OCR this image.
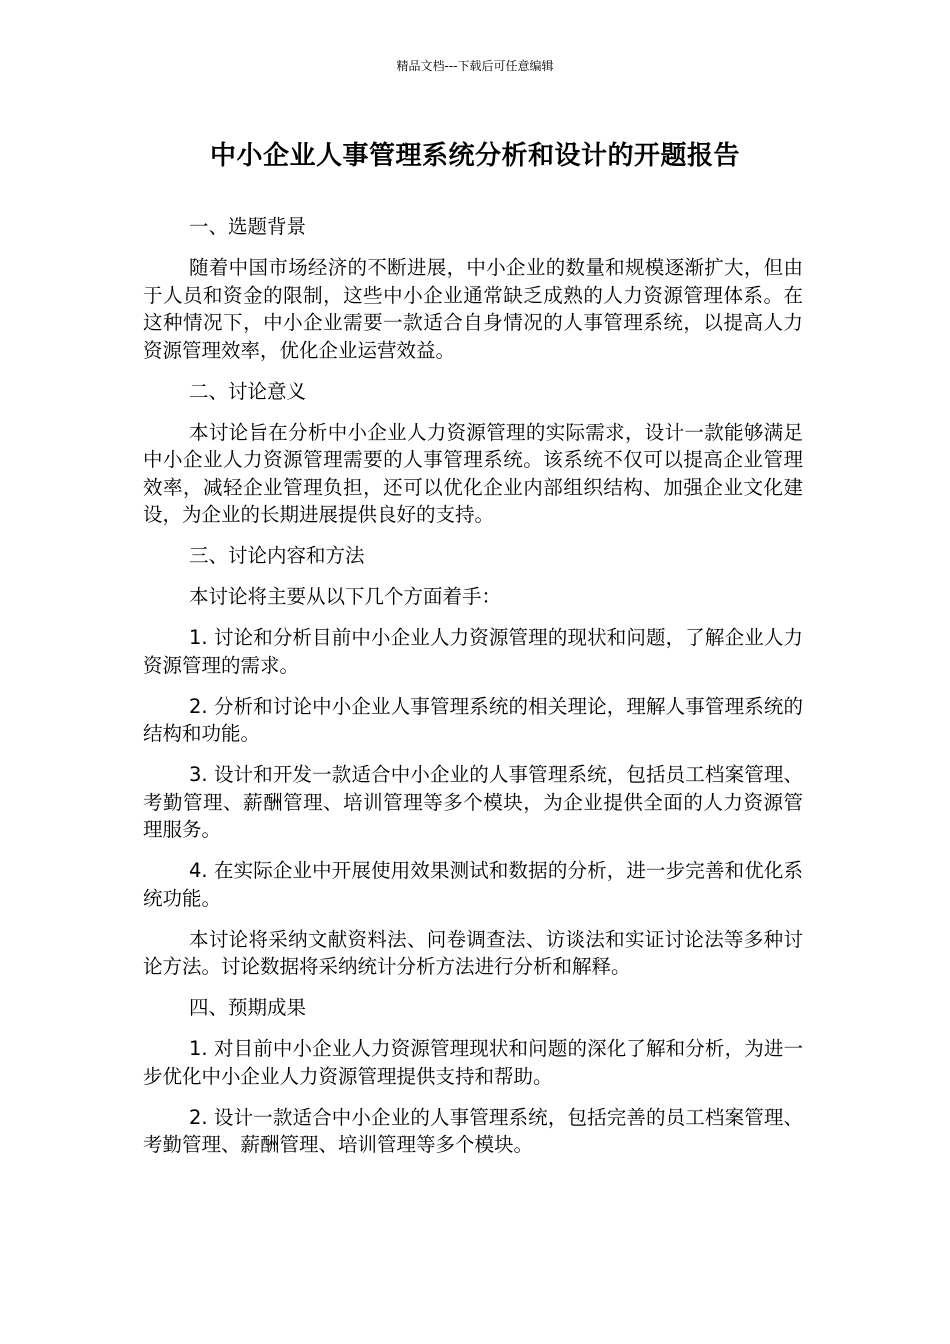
精品文档---下载后可任意编辑
中小企业人事管理系统分析和设计的开题报告

一、选题背景

随着中国市场经济的不断进展，中小企业的数量和规模逐渐扩大，但由于人员和资金的限制，这些中小企业通常缺乏成熟的人力资源管理体系。在这种情况下，中小企业需要一款适合自身情况的人事管理系统，以提高人力资源管理效率，优化企业运营效益。

二、讨论意义

本讨论旨在分析中小企业人力资源管理的实际需求，设计一款能够满足中小企业人力资源管理需要的人事管理系统。该系统不仅可以提高企业管理效率，减轻企业管理负担，还可以优化企业内部组织结构、加强企业文化建设，为企业的长期进展提供良好的支持。

三、讨论内容和方法

本讨论将主要从以下几个方面着手：

1. 讨论和分析目前中小企业人力资源管理的现状和问题，了解企业人力资源管理的需求。

2. 分析和讨论中小企业人事管理系统的相关理论，理解人事管理系统的结构和功能。

3. 设计和开发一款适合中小企业的人事管理系统，包括员工档案管理、考勤管理、薪酬管理、培训管理等多个模块，为企业提供全面的人力资源管理服务。

4. 在实际企业中开展使用效果测试和数据的分析，进一步完善和优化系统功能。

本讨论将采纳文献资料法、问卷调查法、访谈法和实证讨论法等多种讨论方法。讨论数据将采纳统计分析方法进行分析和解释。

四、预期成果

1. 对目前中小企业人力资源管理现状和问题的深化了解和分析，为进一步优化中小企业人力资源管理提供支持和帮助。

2. 设计一款适合中小企业的人事管理系统，包括完善的员工档案管理、考勤管理、薪酬管理、培训管理等多个模块。
